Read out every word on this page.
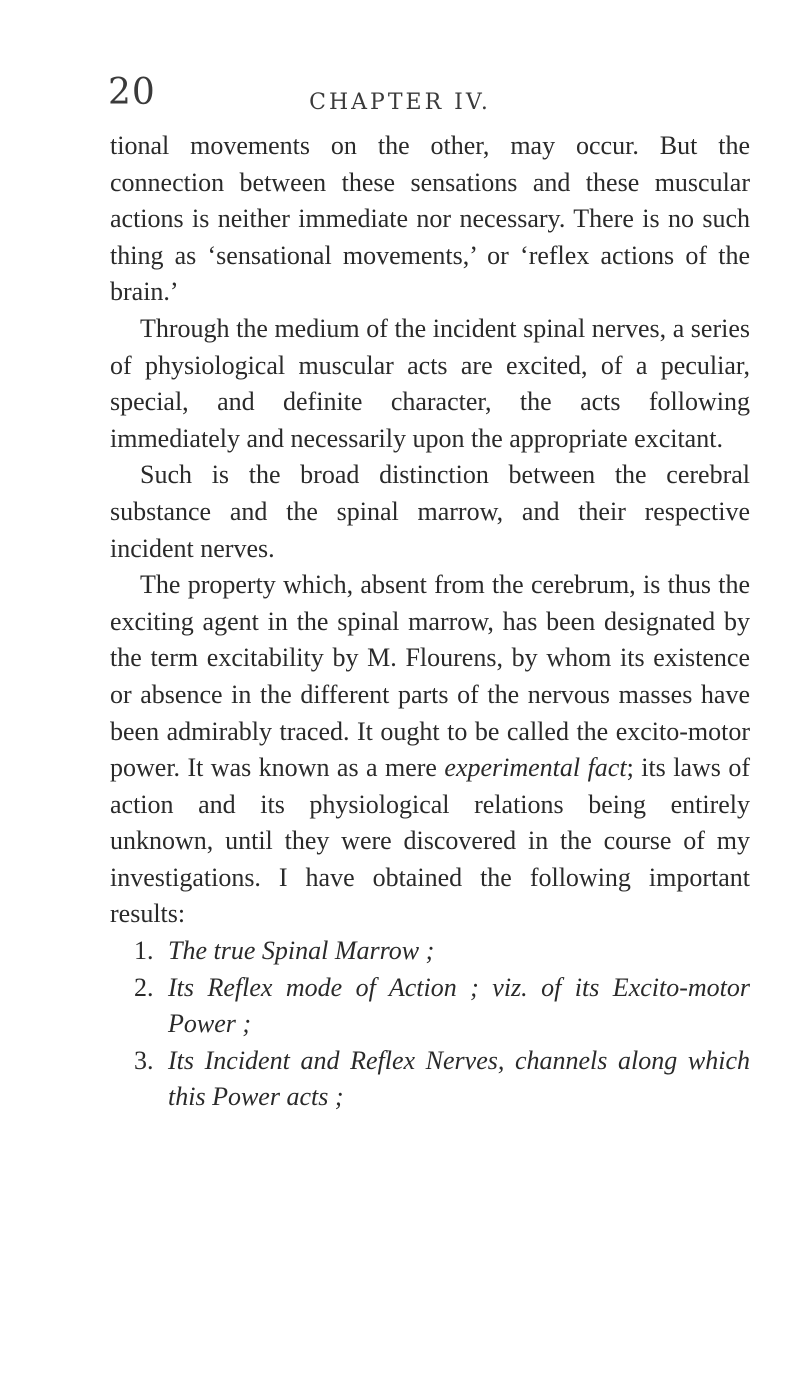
20	CHAPTER IV.

tional movements on the other, may occur. But the connection between these sensations and these muscular actions is neither immediate nor necessary. There is no such thing as ‘sensational movements,’ or ‘reflex actions of the brain.’

Through the medium of the incident spinal nerves, a series of physiological muscular acts are excited, of a peculiar, special, and definite character, the acts following immediately and necessarily upon the appropriate excitant.

Such is the broad distinction between the cerebral substance and the spinal marrow, and their respective incident nerves.

The property which, absent from the cerebrum, is thus the exciting agent in the spinal marrow, has been designated by the term excitability by M. Flourens, by whom its existence or absence in the different parts of the nervous masses have been admirably traced. It ought to be called the excito-motor power. It was known as a mere experimental fact; its laws of action and its physiological relations being entirely unknown, until they were discovered in the course of my investigations. I have obtained the following important results:

1. The true Spinal Marrow ;
2. Its Reflex mode of Action ; viz. of its Excito-motor Power ;
3. Its Incident and Reflex Nerves, channels along which this Power acts ;
